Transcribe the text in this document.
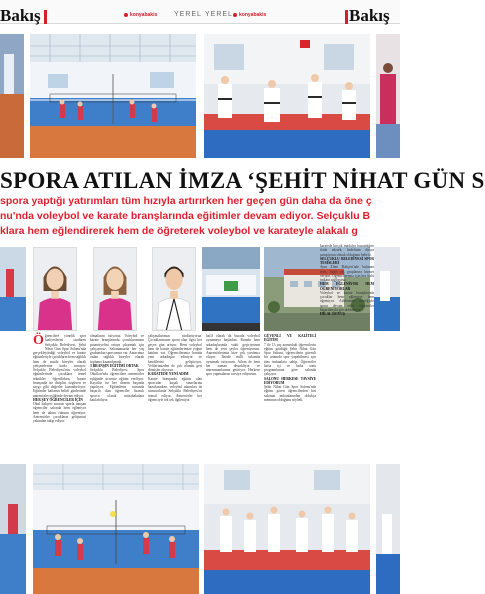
Bakış	konyabakis YEREL YEREL	konyabakis	Bakış
SPORA ATILAN İMZA ‘ŞEHİT NİHAT GÜN S
spora yaptığı yatırımları tüm hızıyla artırırken her geçen gün daha da öne ç
nu'nda voleybol ve karate branşlarında eğitimler devam ediyor. Selçuklu B
klara hem eğlendirerek hem de öğreterek voleybol ve karateyle alakalı g
Ö ğrencilere yönelik spor faaliyetlerini sürdüren Selçuklu Belediyesi, Şehit Nihat Gün Spor Salonu'nda gerçekleştirdiği voleybol ve karate eğitimleriyle çocukların hem sağlıklı hem de mutlu bireyler olarak yetişmelerine katkı sunuyor. Selçuklu Belediyesi'nin voleybol eğitimlerinde çocuklara temel teknikler öğretilirken, karate branşında ise disiplin, özgüven ve saygı gibi değerler kazandırılıyor. Eğitimler haftanın belirli günlerinde antrenörler eşliğinde devam ediyor.
HER ŞEY ÖĞRENCİLER İÇİN
Okul bahçesi sonrası sporla tanışan öğrenciler salonda hem eğleniyor hem de takım ruhunu öğreniyor. Antrenörler çocukların gelişimini yakından takip ediyor.
olmalarını istiyoruz. Voleybol ve karate branşlarında çocuklarımızın potansiyelini ortaya çıkarmak için çalışıyoruz. Salonumuzda her yaş grubundan sporcumuz var. Amacımız onları sağlıklı bireyler olarak topluma kazandırmak.
3 BRANŞIN EĞİTİMİ ORTAK
Selçuklu Belediyesi Spor Okulları'nda öğrencilere antrenörler eşliğinde ücretsiz eğitim veriliyor. Kayıtlar ise her dönem başında yapılıyor. Eğitimlerin sonunda başarılı olan öğrenciler lisanslı sporcu olarak müsabakalara katılabiliyor.
çalışmalarımızı sürdürüyoruz. Çocuklarımızın spora olan ilgisi her geçen gün artıyor. Hem voleybol hem de karate eğitimlerimize yoğun katılım var. Öğrencilerimiz burada yeni arkadaşlar ediniyor ve kendilerini geliştiriyor. Velilerimizden de çok olumlu geri dönüşler alıyoruz.
KARATEDE YENİ ADIM
Karate branşında eğitim alan sporcular kuşak sınavlarına hazırlanırken, voleybol takımları da turnuvalarda Selçuklu Belediyesi'ni temsil ediyor. Antrenörler her öğrenciyle tek tek ilgileniyor.
hafif olarak da burada voleybol oynamaya başladım. Burada hem arkadaşlarımla vakit geçiriyorum hem de yeni şeyler öğreniyorum. Antrenörlerimiz bize çok yardımcı oluyor. İleride milli takımda oynamak istiyorum. Ailem de beni her zaman destekliyor ve antrenmanlarıma getiriyor. Herkese spor yapmalarını tavsiye ediyorum.
GÜVENLİ VE KALİTELİ EĞİTİM
7 ile 13 yaş arasındaki öğrencilerin eğitim gördüğü Şehit Nihat Gün Spor Salonu, öğrencilerin güvenli bir ortamda spor yapabilmesi için tüm imkanlara sahip. Öğrenciler hafta içi ve hafta sonu programlarına göre salonda çalışıyor.
SALONU HERKESE TAVSİYE EDİYORUM
Şehit Nihat Gün Spor Salonu'nda eğitim gören öğrencilerden biri salonun imkanlarından oldukça memnun olduğunu söyledi.
karatede birçok madalya kazandığını ifade ederek, hedefinin dünya şampiyonu olmak olduğunu belirtti.
SELÇUKLU BELEDİYESİ SPOR TESİSLERİ
Aynı Zihni Bahçesi'nde bulunan tesis, farklı yaş gruplarına hizmet veriyor. Öğrencilerimiz için her türlü imkanı sağlıyoruz.
HEM EĞLENİYOR HEM ÖĞRENİYORLAR
Voleybol ve karate branşlarında çocuklar hem eğleniyor hem öğreniyor. Ailelerinin desteğiyle spora devam eden öğrenciler başarılarıyla göz dolduruyor.
HİLAL DOYUŞ
